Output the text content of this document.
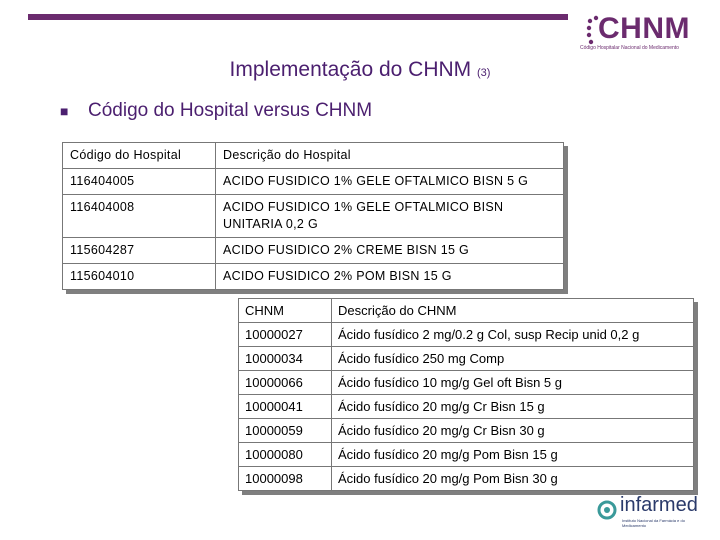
CHNM
Código Hospitalar Nacional do Medicamento
Implementação do CHNM (3)
■ Código do Hospital versus CHNM
Código do Hospital	Descrição do Hospital
116404005	ACIDO FUSIDICO 1% GELE OFTALMICO BISN 5 G
116404008	ACIDO FUSIDICO 1% GELE OFTALMICO BISN UNITARIA 0,2 G
115604287	ACIDO FUSIDICO 2% CREME BISN 15 G
115604010	ACIDO FUSIDICO 2% POM BISN 15 G
CHNM	Descrição do CHNM
10000027	Ácido fusídico 2 mg/0.2 g Col, susp Recip unid 0,2 g
10000034	Ácido fusídico 250 mg Comp
10000066	Ácido fusídico 10 mg/g Gel oft Bisn 5 g
10000041	Ácido fusídico 20 mg/g Cr Bisn 15 g
10000059	Ácido fusídico 20 mg/g Cr Bisn 30 g
10000080	Ácido fusídico 20 mg/g Pom Bisn 15 g
10000098	Ácido fusídico 20 mg/g Pom Bisn 30 g
infarmed
Instituto Nacional da Farmácia e do Medicamento
